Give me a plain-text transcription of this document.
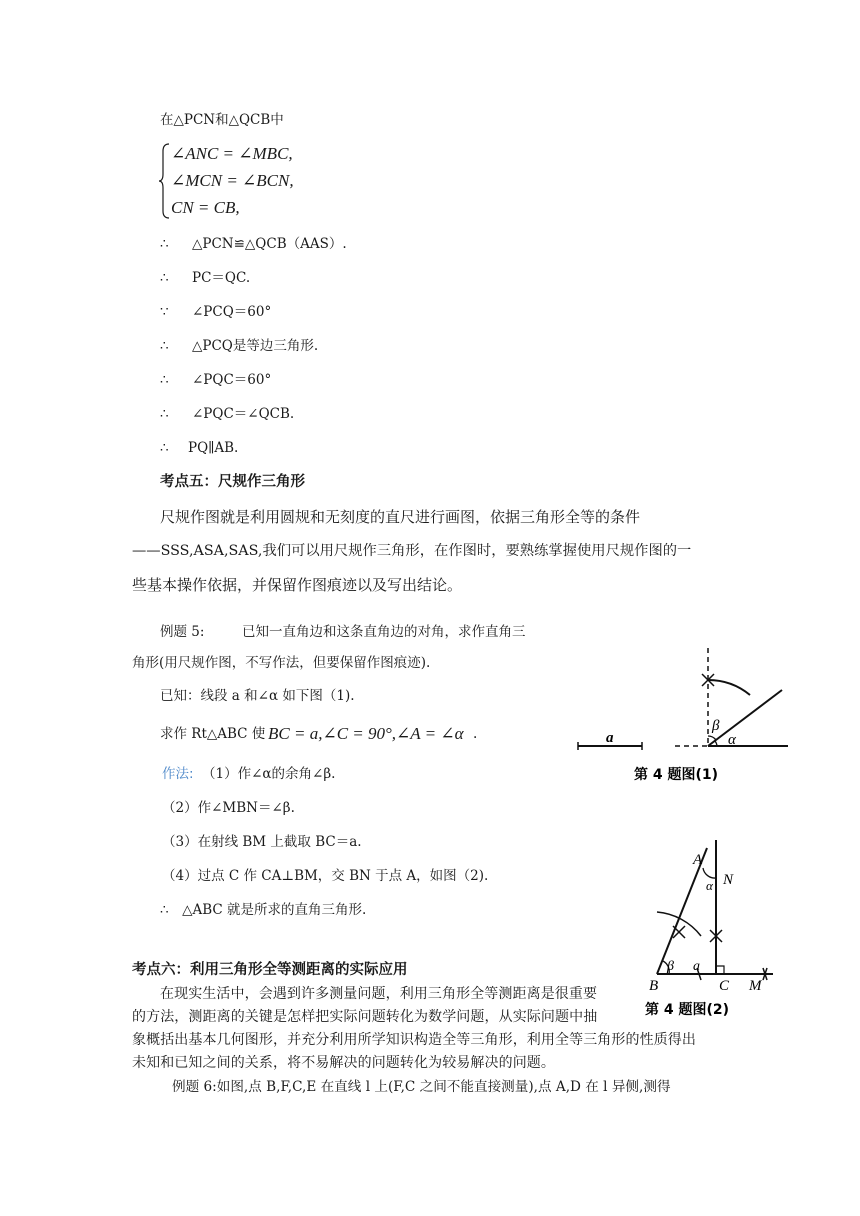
在△PCN和△QCB中
∠ANC = ∠MBC,
∠MCN = ∠BCN,
CN = CB,
∴ △PCN≌△QCB（AAS）.
∴ PC＝QC.
∵ ∠PCQ＝60°
∴ △PCQ是等边三角形.
∴ ∠PQC＝60°
∴ ∠PQC＝∠QCB.
∴ PQ∥AB.
考点五：尺规作三角形
尺规作图就是利用圆规和无刻度的直尺进行画图，依据三角形全等的条件
——SSS,ASA,SAS,我们可以用尺规作三角形，在作图时，要熟练掌握使用尺规作图的一
些基本操作依据，并保留作图痕迹以及写出结论。
例题 5:	已知一直角边和这条直角边的对角，求作直角三
角形(用尺规作图，不写作法，但要保留作图痕迹).
已知：线段 a 和∠α 如下图（1).
求作 Rt△ABC 使 BC = a,∠C = 90°,∠A = ∠α .
作法: （1）作∠α的余角∠β.
（2）作∠MBN＝∠β.
（3）在射线 BM 上截取 BC＝a.
（4）过点 C 作 CA⊥BM，交 BN 于点 A，如图（2).
∴　△ABC 就是所求的直角三角形.
a
β
α
第 4 题图(1)
A
N
α
B
β a
C M
第 4 题图(2)
考点六：利用三角形全等测距离的实际应用
在现实生活中，会遇到许多测量问题，利用三角形全等测距离是很重要
的方法，测距离的关键是怎样把实际问题转化为数学问题，从实际问题中抽
象概括出基本几何图形，并充分利用所学知识构造全等三角形，利用全等三角形的性质得出
未知和已知之间的关系，将不易解决的问题转化为较易解决的问题。
例题 6:如图,点 B,F,C,E 在直线 l 上(F,C 之间不能直接测量),点 A,D 在 l 异侧,测得
